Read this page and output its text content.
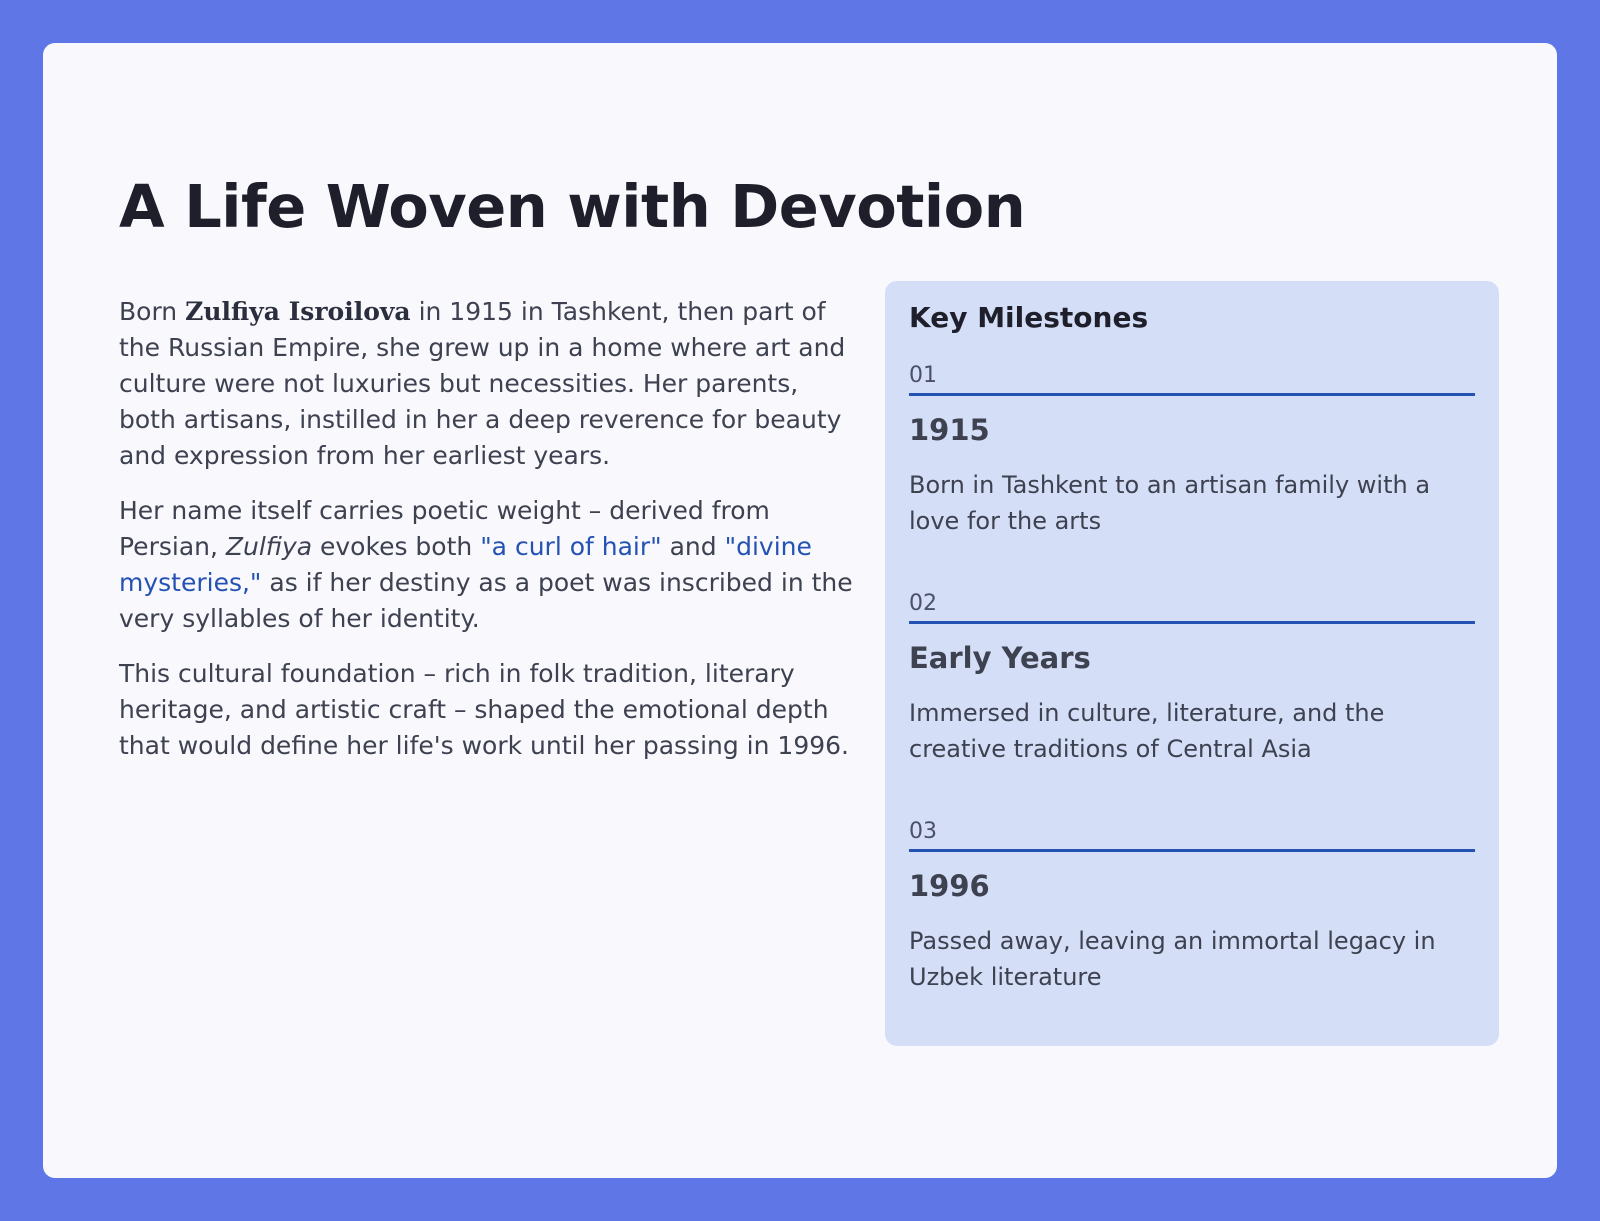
A Life Woven with Devotion

Born Zulfiya Isroilova in 1915 in Tashkent, then part of the Russian Empire, she grew up in a home where art and culture were not luxuries but necessities. Her parents, both artisans, instilled in her a deep reverence for beauty and expression from her earliest years.

Her name itself carries poetic weight – derived from Persian, Zulfiya evokes both "a curl of hair" and "divine mysteries," as if her destiny as a poet was inscribed in the very syllables of her identity.

This cultural foundation – rich in folk tradition, literary heritage, and artistic craft – shaped the emotional depth that would define her life's work until her passing in 1996.

Key Milestones
01
1915
Born in Tashkent to an artisan family with a love for the arts
02
Early Years
Immersed in culture, literature, and the creative traditions of Central Asia
03
1996
Passed away, leaving an immortal legacy in Uzbek literature
